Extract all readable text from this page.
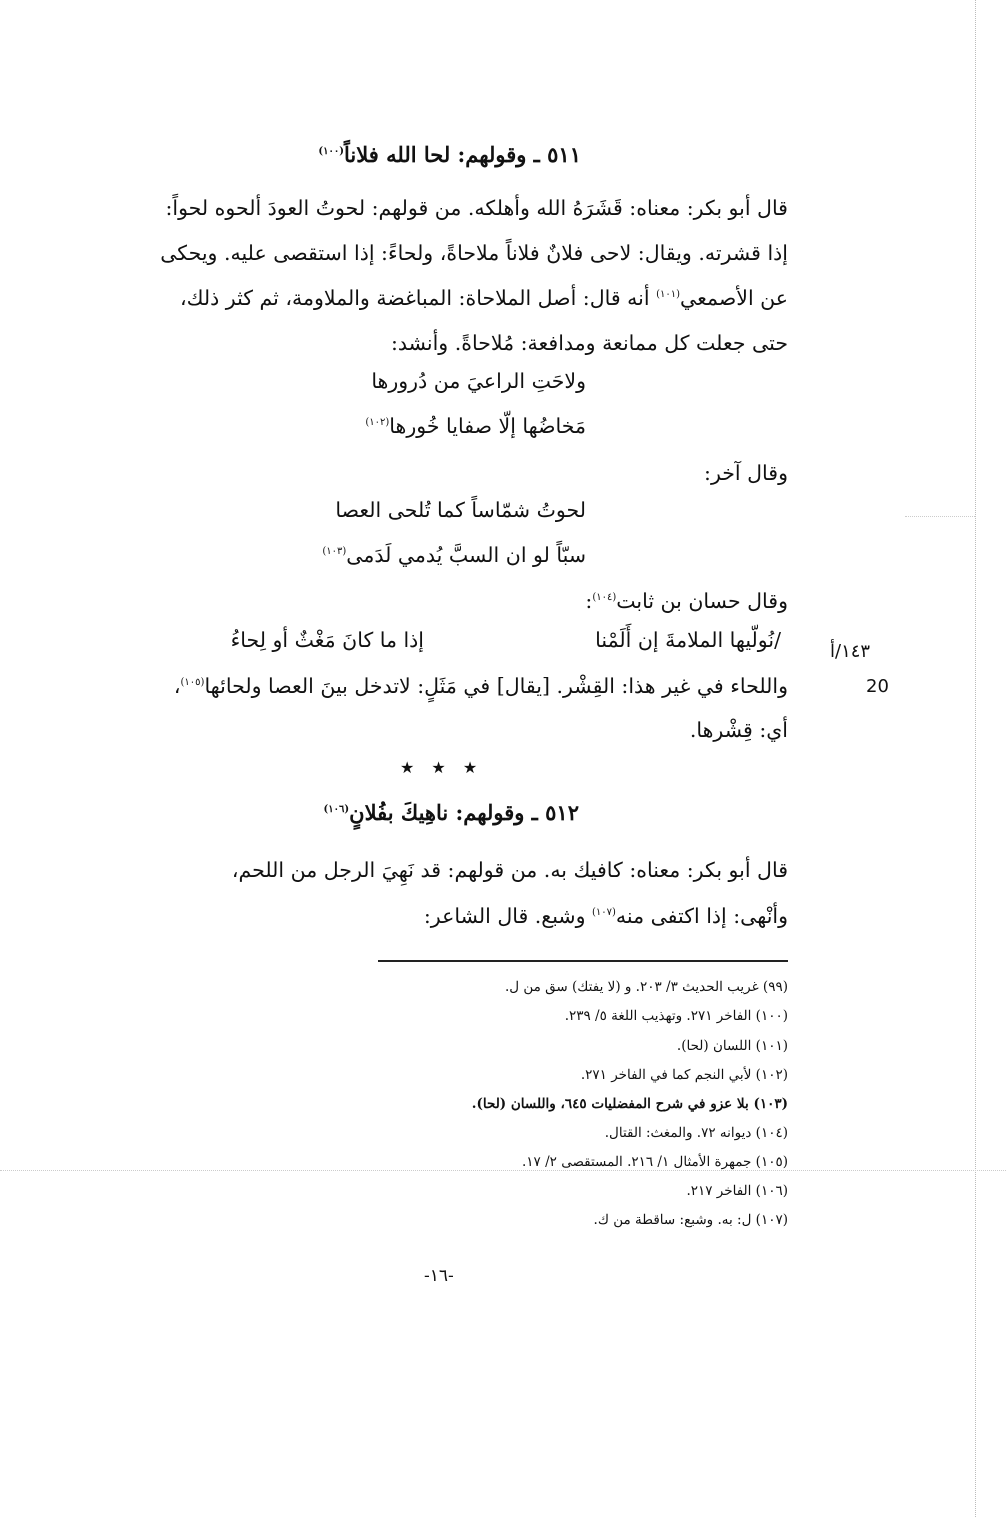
٥١١ ـ وقولهم: لحا الله فلاناً$^{(١٠٠)}$
قال أبو بكر: معناه: قَشَرَهُ الله وأهلكه. من قولهم: لحوتُ العودَ ألحوه لحواً:
إذا قشرته. ويقال: لاحى فلانٌ فلاناً ملاحاةً، ولحاءً: إذا استقصى عليه. ويحكى
عن الأصمعي$^{(١٠١)}$ أنه قال: أصل الملاحاة: المباغضة والملاومة، ثم كثر ذلك،
حتى جعلت كل ممانعة ومدافعة: مُلاحاةً. وأنشد:
ولاحَتِ الراعيَ من دُرورها
مَخاضُها إلّا صفايا خُورها$^{(١٠٢)}$
وقال آخر:
لحوتُ شمّاساً كما تُلحى العصا
سبّاً لو ان السبَّ يُدمي لَدَمى$^{(١٠٣)}$
وقال حسان بن ثابت$^{(١٠٤)}$:
/نُولّيها الملامةَ إن أَلَمْنا
إذا ما كانَ مَغْثٌ أو لِحاءُ	١٤٣/أ
20
واللحاء في غير هذا: القِشْر. [يقال] في مَثَلٍ: لاتدخل بينَ العصا ولحائها$^{(١٠٥)}$،
أي: قِشْرها.
★ ★ ★
٥١٢ ـ وقولهم: ناهِيكَ بفُلانٍ$^{(١٠٦)}$
قال أبو بكر: معناه: كافيك به. من قولهم: قد نَهِيَ الرجل من اللحم،
وأنْهى: إذا اكتفى منه$^{(١٠٧)}$ وشبع. قال الشاعر:
(٩٩) غريب الحديث ٣/ ٢٠٣. و (لا يفتك) سق من ل.
(١٠٠) الفاخر ٢٧١. وتهذيب اللغة ٥/ ٢٣٩.
(١٠١) اللسان (لحا).
(١٠٢) لأبي النجم كما في الفاخر ٢٧١.
(١٠٣) بلا عزو في شرح المفضليات ٦٤٥، واللسان (لحا).
(١٠٤) ديوانه ٧٢. والمغث: القتال.
(١٠٥) جمهرة الأمثال ١/ ٢١٦. المستقصى ٢/ ١٧.
(١٠٦) الفاخر ٢١٧.
(١٠٧) ل: به. وشبع: ساقطة من ك.
-١٦-
